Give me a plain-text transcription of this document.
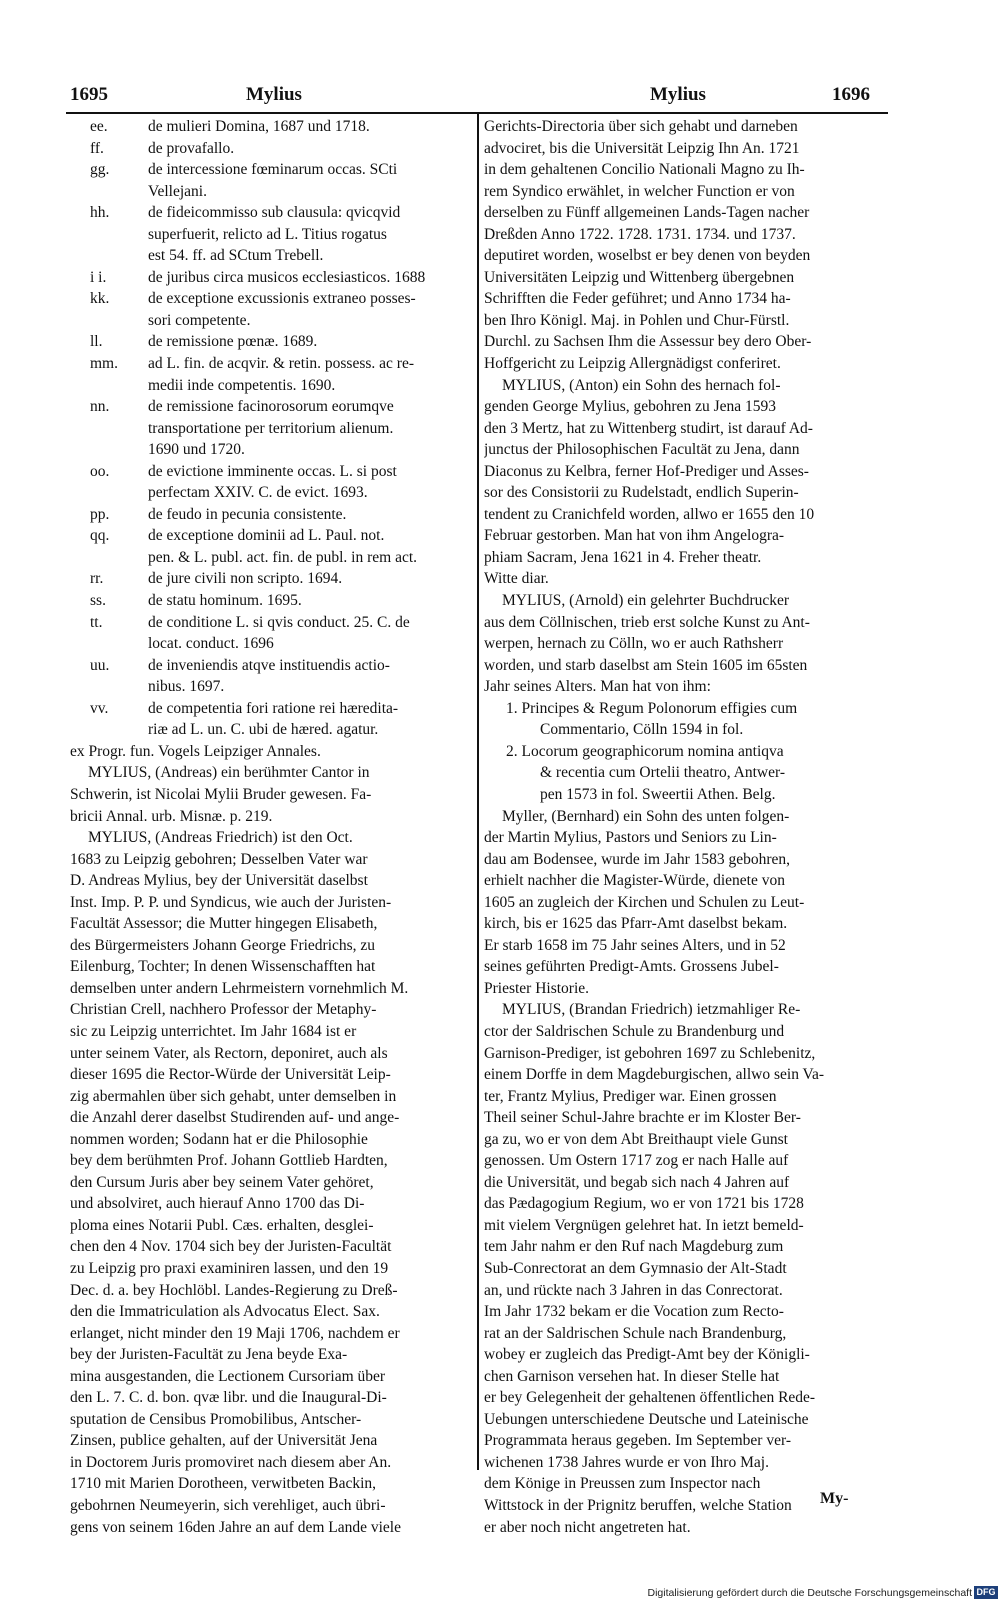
1695	Mylius	Mylius	1696
ee.	de mulieri Domina, 1687 und 1718.
ff.	de provafallo.
gg. de intercessione fœminarum occas. SCti
Vellejani.
hh. de fideicommisso sub clausula: qvicqvid
superfuerit, relicto ad L. Titius rogatus
est 54. ff. ad SCtum Trebell.
i i.	de juribus circa musicos ecclesiasticos. 1688
kk. de exceptione excussionis extraneo posses-
sori competente.
ll.	de remissione pœnæ. 1689.
mm. ad L. fin. de acqvir. & retin. possess. ac re-
medii inde competentis. 1690.
nn. de remissione facinorosorum eorumqve
transportatione per territorium alienum.
1690 und 1720.
oo. de evictione imminente occas. L. si post
perfectam XXIV. C. de evict. 1693.
pp. de feudo in pecunia consistente.
qq. de exceptione dominii ad L. Paul. not.
pen. & L. publ. act. fin. de publ. in rem act.
rr.	de jure civili non scripto. 1694.
ss.	de statu hominum. 1695.
tt.	de conditione L. si qvis conduct. 25. C. de
locat. conduct. 1696
uu. de inveniendis atqve instituendis actio-
nibus. 1697.
vv.	de competentia fori ratione rei hæredita-
riæ ad L. un. C. ubi de hæred. agatur.
ex Progr. fun. Vogels Leipziger Annales.
MYLIUS, (Andreas) ein berühmter Cantor in
Schwerin, ist Nicolai Mylii Bruder gewesen. Fa-
bricii Annal. urb. Misnæ. p. 219.
MYLIUS, (Andreas Friedrich) ist den Oct.
1683 zu Leipzig gebohren; Desselben Vater war
D. Andreas Mylius, bey der Universität daselbst
Inst. Imp. P. P. und Syndicus, wie auch der Juristen-
Facultät Assessor; die Mutter hingegen Elisabeth,
des Bürgermeisters Johann George Friedrichs, zu
Eilenburg, Tochter; In denen Wissenschafften hat
demselben unter andern Lehrmeistern vornehmlich M.
Christian Crell, nachhero Professor der Metaphy-
sic zu Leipzig unterrichtet. Im Jahr 1684 ist er
unter seinem Vater, als Rectorn, deponiret, auch als
dieser 1695 die Rector-Würde der Universität Leip-
zig abermahlen über sich gehabt, unter demselben in
die Anzahl derer daselbst Studirenden auf- und ange-
nommen worden; Sodann hat er die Philosophie
bey dem berühmten Prof. Johann Gottlieb Hardten,
den Cursum Juris aber bey seinem Vater gehöret,
und absolviret, auch hierauf Anno 1700 das Di-
ploma eines Notarii Publ. Cæs. erhalten, desglei-
chen den 4 Nov. 1704 sich bey der Juristen-Facultät
zu Leipzig pro praxi examiniren lassen, und den 19
Dec. d. a. bey Hochlöbl. Landes-Regierung zu Dreß-
den die Immatriculation als Advocatus Elect. Sax.
erlanget, nicht minder den 19 Maji 1706, nachdem er
bey der Juristen-Facultät zu Jena beyde Exa-
mina ausgestanden, die Lectionem Cursoriam über
den L. 7. C. d. bon. qvæ libr. und die Inaugural-Di-
sputation de Censibus Promobilibus, Antscher-
Zinsen, publice gehalten, auf der Universität Jena
in Doctorem Juris promoviret nach diesem aber An.
1710 mit Marien Dorotheen, verwitbeten Backin,
gebohrnen Neumeyerin, sich verehliget, auch übri-
gens von seinem 16den Jahre an auf dem Lande viele
Gerichts-Directoria über sich gehabt und darneben
advociret, bis die Universität Leipzig Ihn An. 1721
in dem gehaltenen Concilio Nationali Magno zu Ih-
rem Syndico erwählet, in welcher Function er von
derselben zu Fünff allgemeinen Lands-Tagen nacher
Dreßden Anno 1722. 1728. 1731. 1734. und 1737.
deputiret worden, woselbst er bey denen von beyden
Universitäten Leipzig und Wittenberg übergebnen
Schrifften die Feder geführet; und Anno 1734 ha-
ben Ihro Königl. Maj. in Pohlen und Chur-Fürstl.
Durchl. zu Sachsen Ihm die Assessur bey dero Ober-
Hoffgericht zu Leipzig Allergnädigst conferiret.
MYLIUS, (Anton) ein Sohn des hernach fol-
genden George Mylius, gebohren zu Jena 1593
den 3 Mertz, hat zu Wittenberg studirt, ist darauf Ad-
junctus der Philosophischen Facultät zu Jena, dann
Diaconus zu Kelbra, ferner Hof-Prediger und Asses-
sor des Consistorii zu Rudelstadt, endlich Superin-
tendent zu Cranichfeld worden, allwo er 1655 den 10
Februar gestorben. Man hat von ihm Angelogra-
phiam Sacram, Jena 1621 in 4. Freher theatr.
Witte diar.
MYLIUS, (Arnold) ein gelehrter Buchdrucker
aus dem Cöllnischen, trieb erst solche Kunst zu Ant-
werpen, hernach zu Cölln, wo er auch Rathsherr
worden, und starb daselbst am Stein 1605 im 65sten
Jahr seines Alters. Man hat von ihm:
1. Principes & Regum Polonorum effigies cum
Commentario, Cölln 1594 in fol.
2. Locorum geographicorum nomina antiqva
& recentia cum Ortelii theatro, Antwer-
pen 1573 in fol. Sweertii Athen. Belg.
Myller, (Bernhard) ein Sohn des unten folgen-
der Martin Mylius, Pastors und Seniors zu Lin-
dau am Bodensee, wurde im Jahr 1583 gebohren,
erhielt nachher die Magister-Würde, dienete von
1605 an zugleich der Kirchen und Schulen zu Leut-
kirch, bis er 1625 das Pfarr-Amt daselbst bekam.
Er starb 1658 im 75 Jahr seines Alters, und in 52
seines geführten Predigt-Amts. Grossens Jubel-
Priester Historie.
MYLIUS, (Brandan Friedrich) ietzmahliger Re-
ctor der Saldrischen Schule zu Brandenburg und
Garnison-Prediger, ist gebohren 1697 zu Schlebenitz,
einem Dorffe in dem Magdeburgischen, allwo sein Va-
ter, Frantz Mylius, Prediger war. Einen grossen
Theil seiner Schul-Jahre brachte er im Kloster Ber-
ga zu, wo er von dem Abt Breithaupt viele Gunst
genossen. Um Ostern 1717 zog er nach Halle auf
die Universität, und begab sich nach 4 Jahren auf
das Pædagogium Regium, wo er von 1721 bis 1728
mit vielem Vergnügen gelehret hat. In ietzt bemeld-
tem Jahr nahm er den Ruf nach Magdeburg zum
Sub-Conrectorat an dem Gymnasio der Alt-Stadt
an, und rückte nach 3 Jahren in das Conrectorat.
Im Jahr 1732 bekam er die Vocation zum Recto-
rat an der Saldrischen Schule nach Brandenburg,
wobey er zugleich das Predigt-Amt bey der Königli-
chen Garnison versehen hat. In dieser Stelle hat
er bey Gelegenheit der gehaltenen öffentlichen Rede-
Uebungen unterschiedene Deutsche und Lateinische
Programmata heraus gegeben. Im September ver-
wichenen 1738 Jahres wurde er von Ihro Maj.
dem Könige in Preussen zum Inspector nach
Wittstock in der Prignitz beruffen, welche Station
er aber noch nicht angetreten hat.
My-
Digitalisierung gefördert durch die Deutsche Forschungsgemeinschaft DFG
